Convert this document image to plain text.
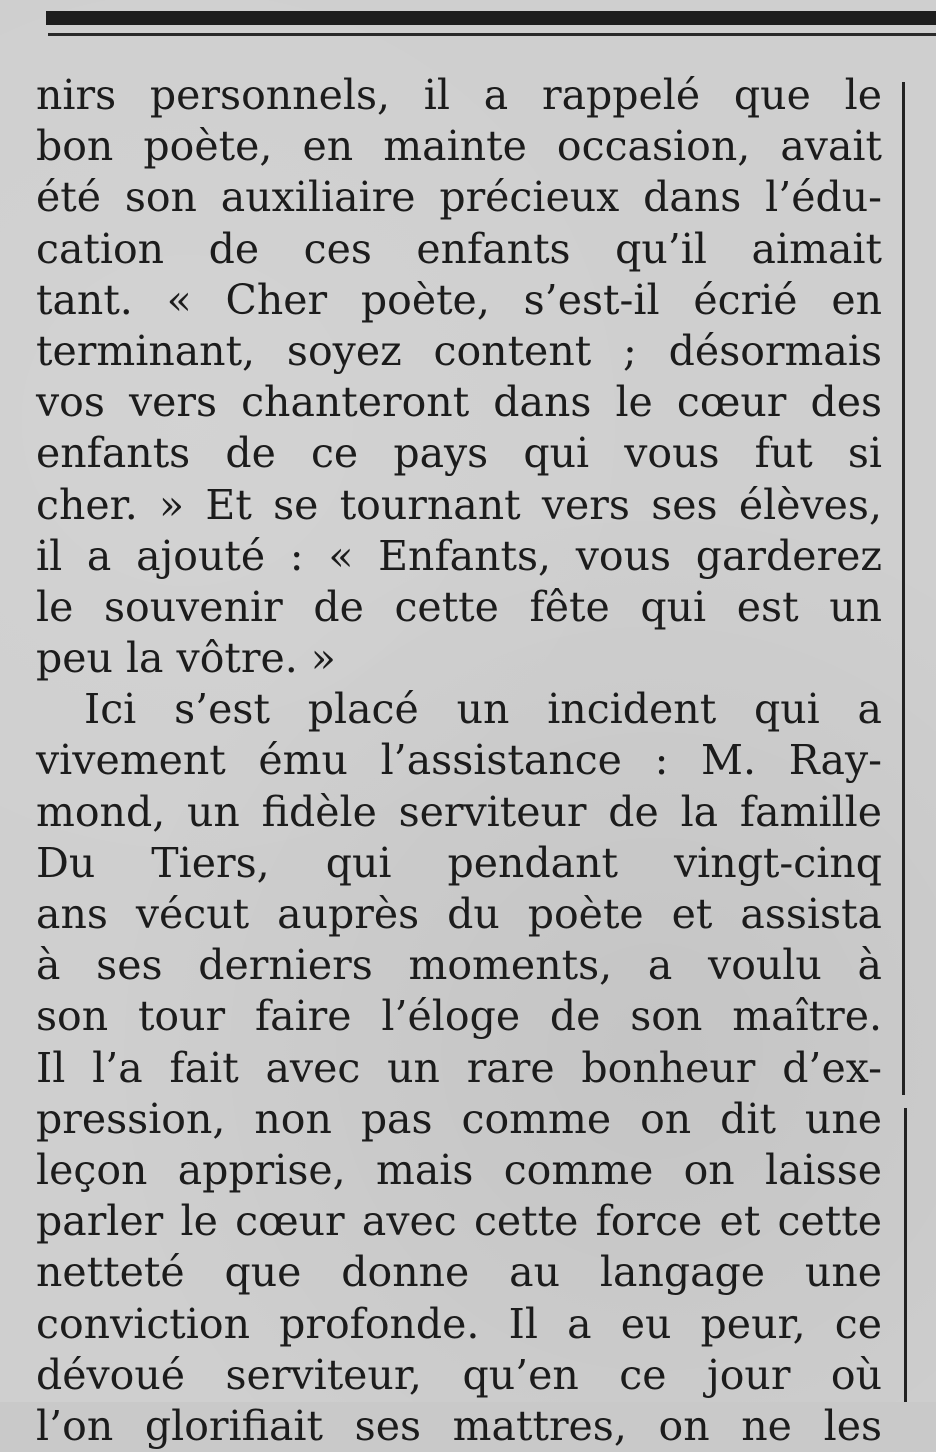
nirs personnels, il a rappelé que le
bon poète, en mainte occasion, avait
été son auxiliaire précieux dans l’édu-
cation de ces enfants qu’il aimait
tant. « Cher poète, s’est-il écrié en
terminant, soyez content ; désormais
vos vers chanteront dans le cœur des
enfants de ce pays qui vous fut si
cher. » Et se tournant vers ses élèves,
il a ajouté : « Enfants, vous garderez
le souvenir de cette fête qui est un
peu la vôtre. »
Ici s’est placé un incident qui a
vivement ému l’assistance : M. Ray-
mond, un fidèle serviteur de la famille
Du Tiers, qui pendant vingt-cinq
ans vécut auprès du poète et assista
à ses derniers moments, a voulu à
son tour faire l’éloge de son maître.
Il l’a fait avec un rare bonheur d’ex-
pression, non pas comme on dit une
leçon apprise, mais comme on laisse
parler le cœur avec cette force et cette
netteté que donne au langage une
conviction profonde. Il a eu peur, ce
dévoué serviteur, qu’en ce jour où
l’on glorifiait ses mattres, on ne les
